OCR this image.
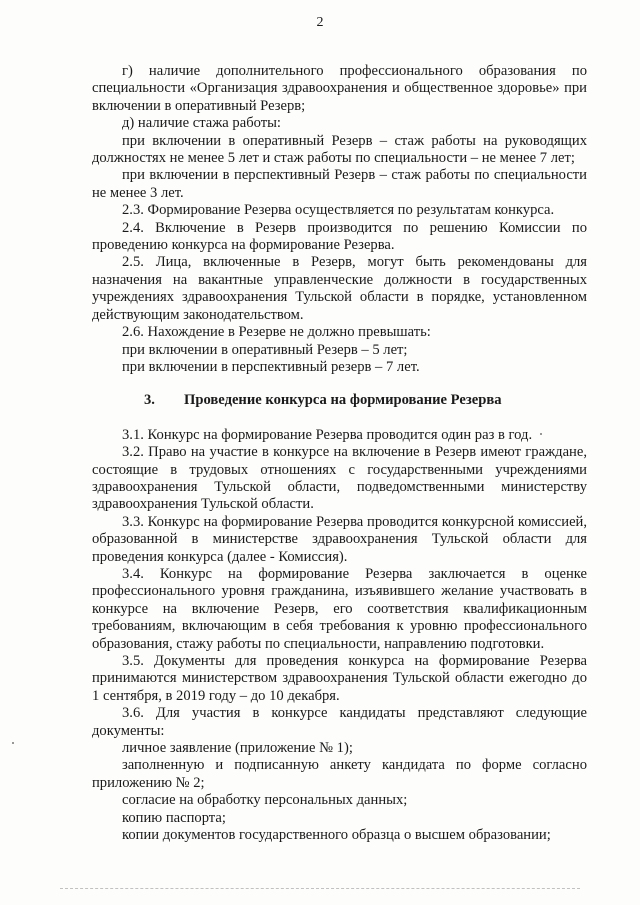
2

г) наличие дополнительного профессионального образования по специальности «Организация здравоохранения и общественное здоровье» при включении в оперативный Резерв;

д) наличие стажа работы:

при включении в оперативный Резерв – стаж работы на руководящих должностях не менее 5 лет и стаж работы по специальности – не менее 7 лет;

при включении в перспективный Резерв – стаж работы по специальности не менее 3 лет.

2.3. Формирование Резерва осуществляется по результатам конкурса.

2.4. Включение в Резерв производится по решению Комиссии по проведению конкурса на формирование Резерва.

2.5. Лица, включенные в Резерв, могут быть рекомендованы для назначения на вакантные управленческие должности в государственных учреждениях здравоохранения Тульской области в порядке, установленном действующим законодательством.

2.6. Нахождение в Резерве не должно превышать:

при включении в оперативный Резерв – 5 лет;

при включении в перспективный резерв – 7 лет.

3. Проведение конкурса на формирование Резерва

3.1. Конкурс на формирование Резерва проводится один раз в год.

3.2. Право на участие в конкурсе на включение в Резерв имеют граждане, состоящие в трудовых отношениях с государственными учреждениями здравоохранения Тульской области, подведомственными министерству здравоохранения Тульской области.

3.3. Конкурс на формирование Резерва проводится конкурсной комиссией, образованной в министерстве здравоохранения Тульской области для проведения конкурса (далее - Комиссия).

3.4. Конкурс на формирование Резерва заключается в оценке профессионального уровня гражданина, изъявившего желание участвовать в конкурсе на включение Резерв, его соответствия квалификационным требованиям, включающим в себя требования к уровню профессионального образования, стажу работы по специальности, направлению подготовки.

3.5. Документы для проведения конкурса на формирование Резерва принимаются министерством здравоохранения Тульской области ежегодно до 1 сентября, в 2019 году – до 10 декабря.

3.6. Для участия в конкурсе кандидаты представляют следующие документы:

личное заявление (приложение № 1);

заполненную и подписанную анкету кандидата по форме согласно приложению № 2;

согласие на обработку персональных данных;

копию паспорта;

копии документов государственного образца о высшем образовании;
